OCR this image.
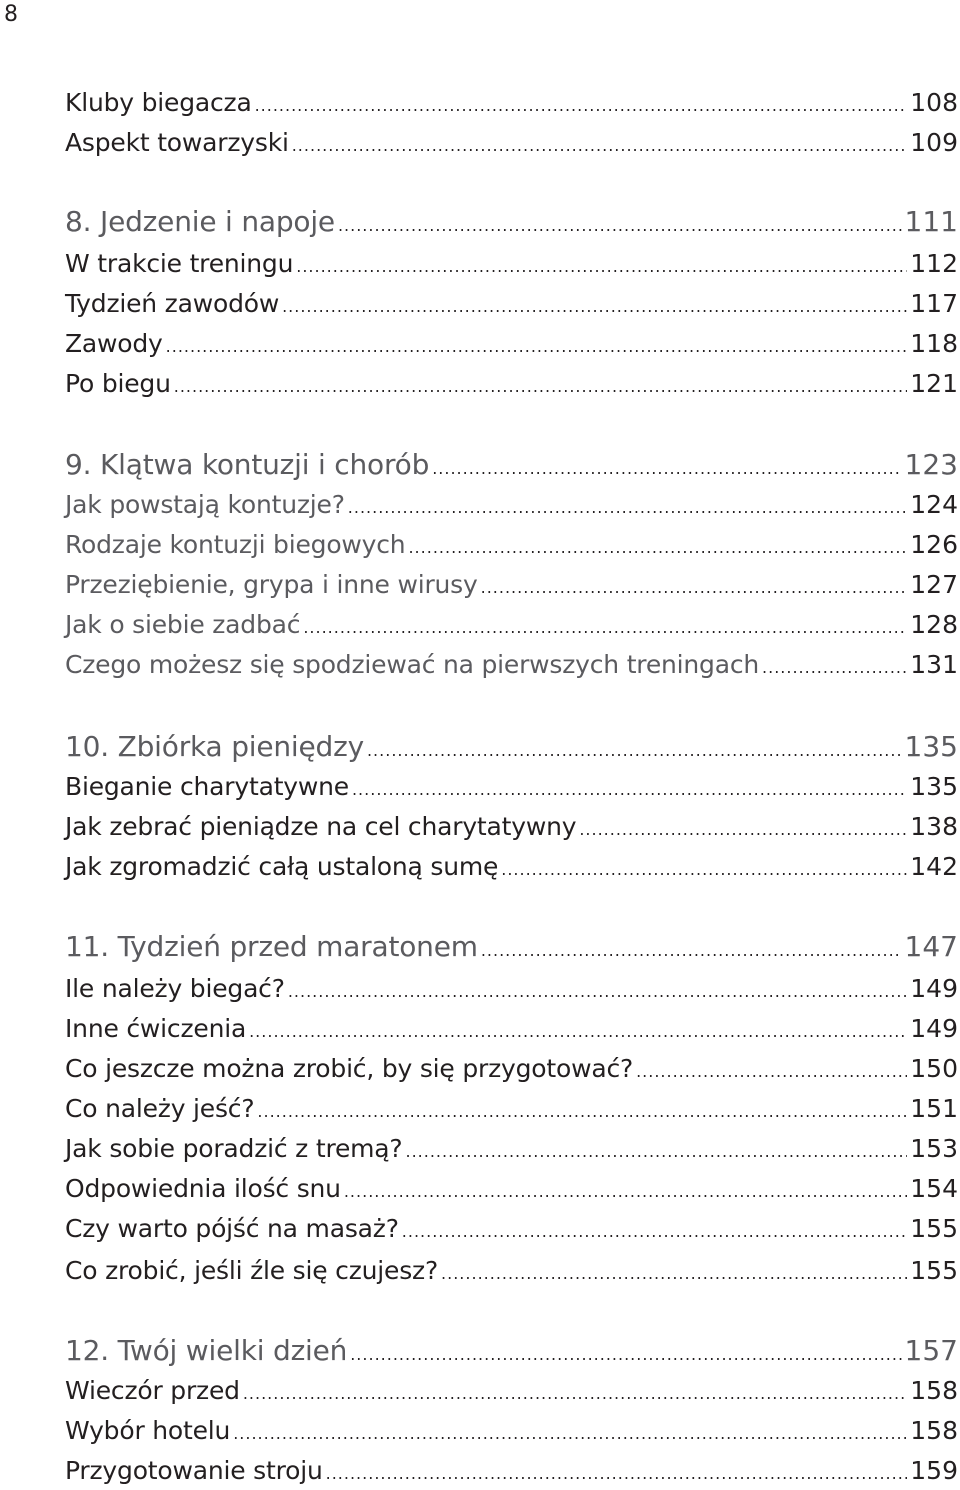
8
Kluby biegacza .....	108
Aspekt towarzyski .....	109
8. Jedzenie i napoje .....	111
W trakcie treningu .....	112
Tydzień zawodów .....	117
Zawody .....	118
Po biegu .....	121
9. Klątwa kontuzji i chorób .....	123
Jak powstają kontuzje? .....	124
Rodzaje kontuzji biegowych .....	126
Przeziębienie, grypa i inne wirusy .....	127
Jak o siebie zadbać .....	128
Czego możesz się spodziewać na pierwszych treningach .....	131
10. Zbiórka pieniędzy .....	135
Bieganie charytatywne .....	135
Jak zebrać pieniądze na cel charytatywny .....	138
Jak zgromadzić całą ustaloną sumę .....	142
11. Tydzień przed maratonem .....	147
Ile należy biegać? .....	149
Inne ćwiczenia .....	149
Co jeszcze można zrobić, by się przygotować? .....	150
Co należy jeść? .....	151
Jak sobie poradzić z tremą? .....	153
Odpowiednia ilość snu .....	154
Czy warto pójść na masaż? .....	155
Co zrobić, jeśli źle się czujesz? .....	155
12. Twój wielki dzień .....	157
Wieczór przed .....	158
Wybór hotelu .....	158
Przygotowanie stroju .....	159
